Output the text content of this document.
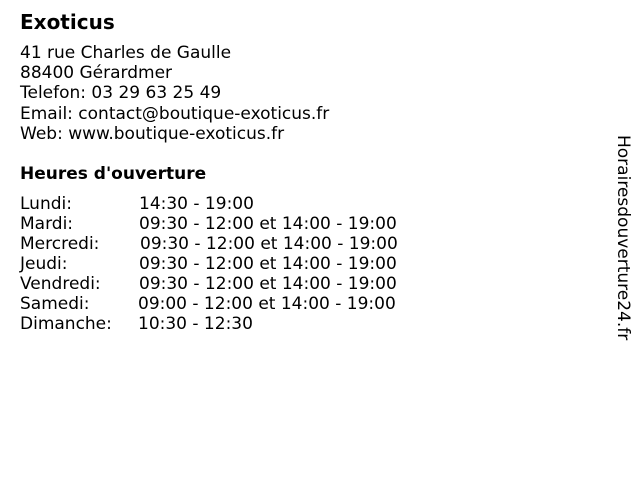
Exoticus
41 rue Charles de Gaulle
88400 Gérardmer
Telefon: 03 29 63 25 49
Email: contact@boutique-exoticus.fr
Web: www.boutique-exoticus.fr
Heures d'ouverture
Lundi:	14:30 - 19:00
Mardi:	09:30 - 12:00 et 14:00 - 19:00
Mercredi: 09:30 - 12:00 et 14:00 - 19:00
Jeudi:	09:30 - 12:00 et 14:00 - 19:00
Vendredi: 09:30 - 12:00 et 14:00 - 19:00
Samedi:	09:00 - 12:00 et 14:00 - 19:00
Dimanche: 10:30 - 12:30	Horairesdouverture24.fr
